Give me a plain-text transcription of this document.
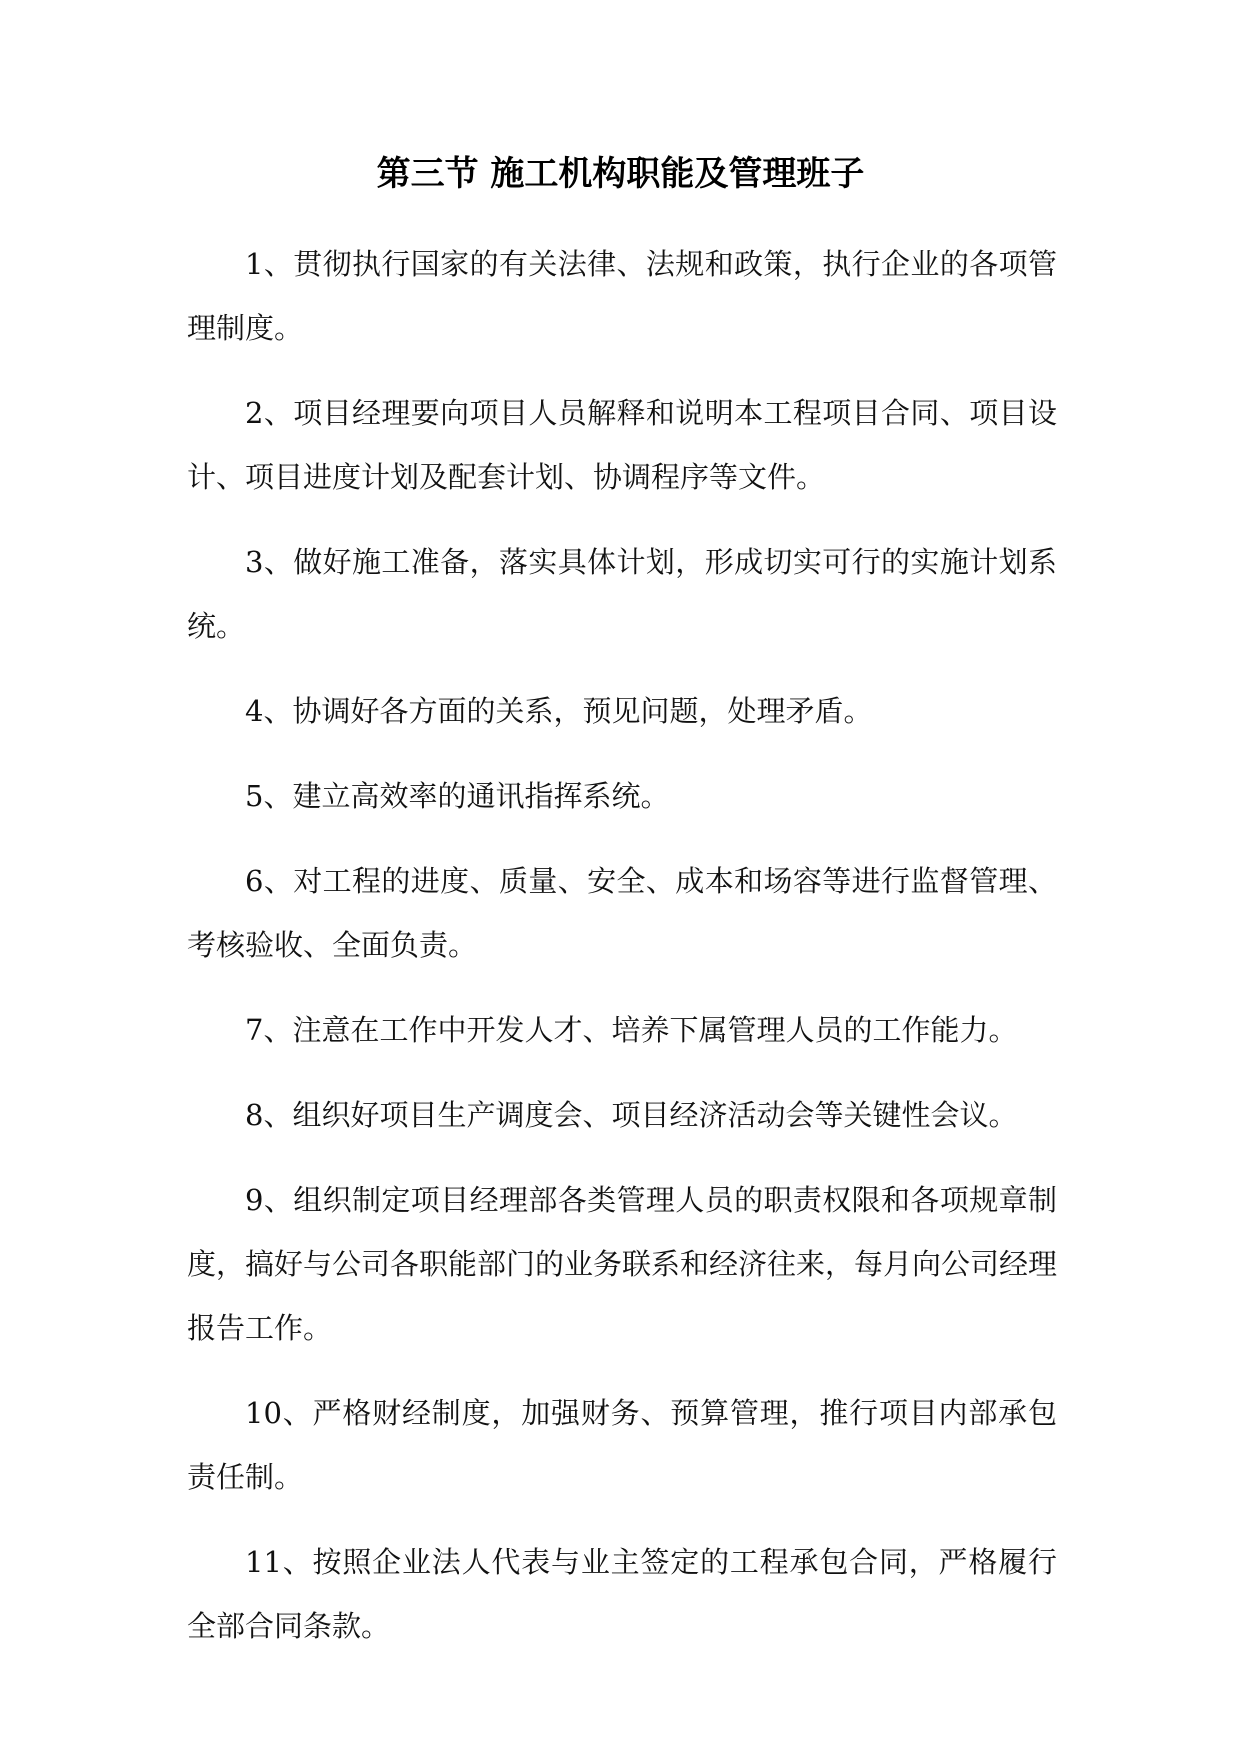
第三节 施工机构职能及管理班子

1、贯彻执行国家的有关法律、法规和政策，执行企业的各项管理制度。

2、项目经理要向项目人员解释和说明本工程项目合同、项目设计、项目进度计划及配套计划、协调程序等文件。

3、做好施工准备，落实具体计划，形成切实可行的实施计划系统。

4、协调好各方面的关系，预见问题，处理矛盾。

5、建立高效率的通讯指挥系统。

6、对工程的进度、质量、安全、成本和场容等进行监督管理、考核验收、全面负责。

7、注意在工作中开发人才、培养下属管理人员的工作能力。

8、组织好项目生产调度会、项目经济活动会等关键性会议。

9、组织制定项目经理部各类管理人员的职责权限和各项规章制度，搞好与公司各职能部门的业务联系和经济往来，每月向公司经理报告工作。

10、严格财经制度，加强财务、预算管理，推行项目内部承包责任制。

11、按照企业法人代表与业主签定的工程承包合同，严格履行全部合同条款。
